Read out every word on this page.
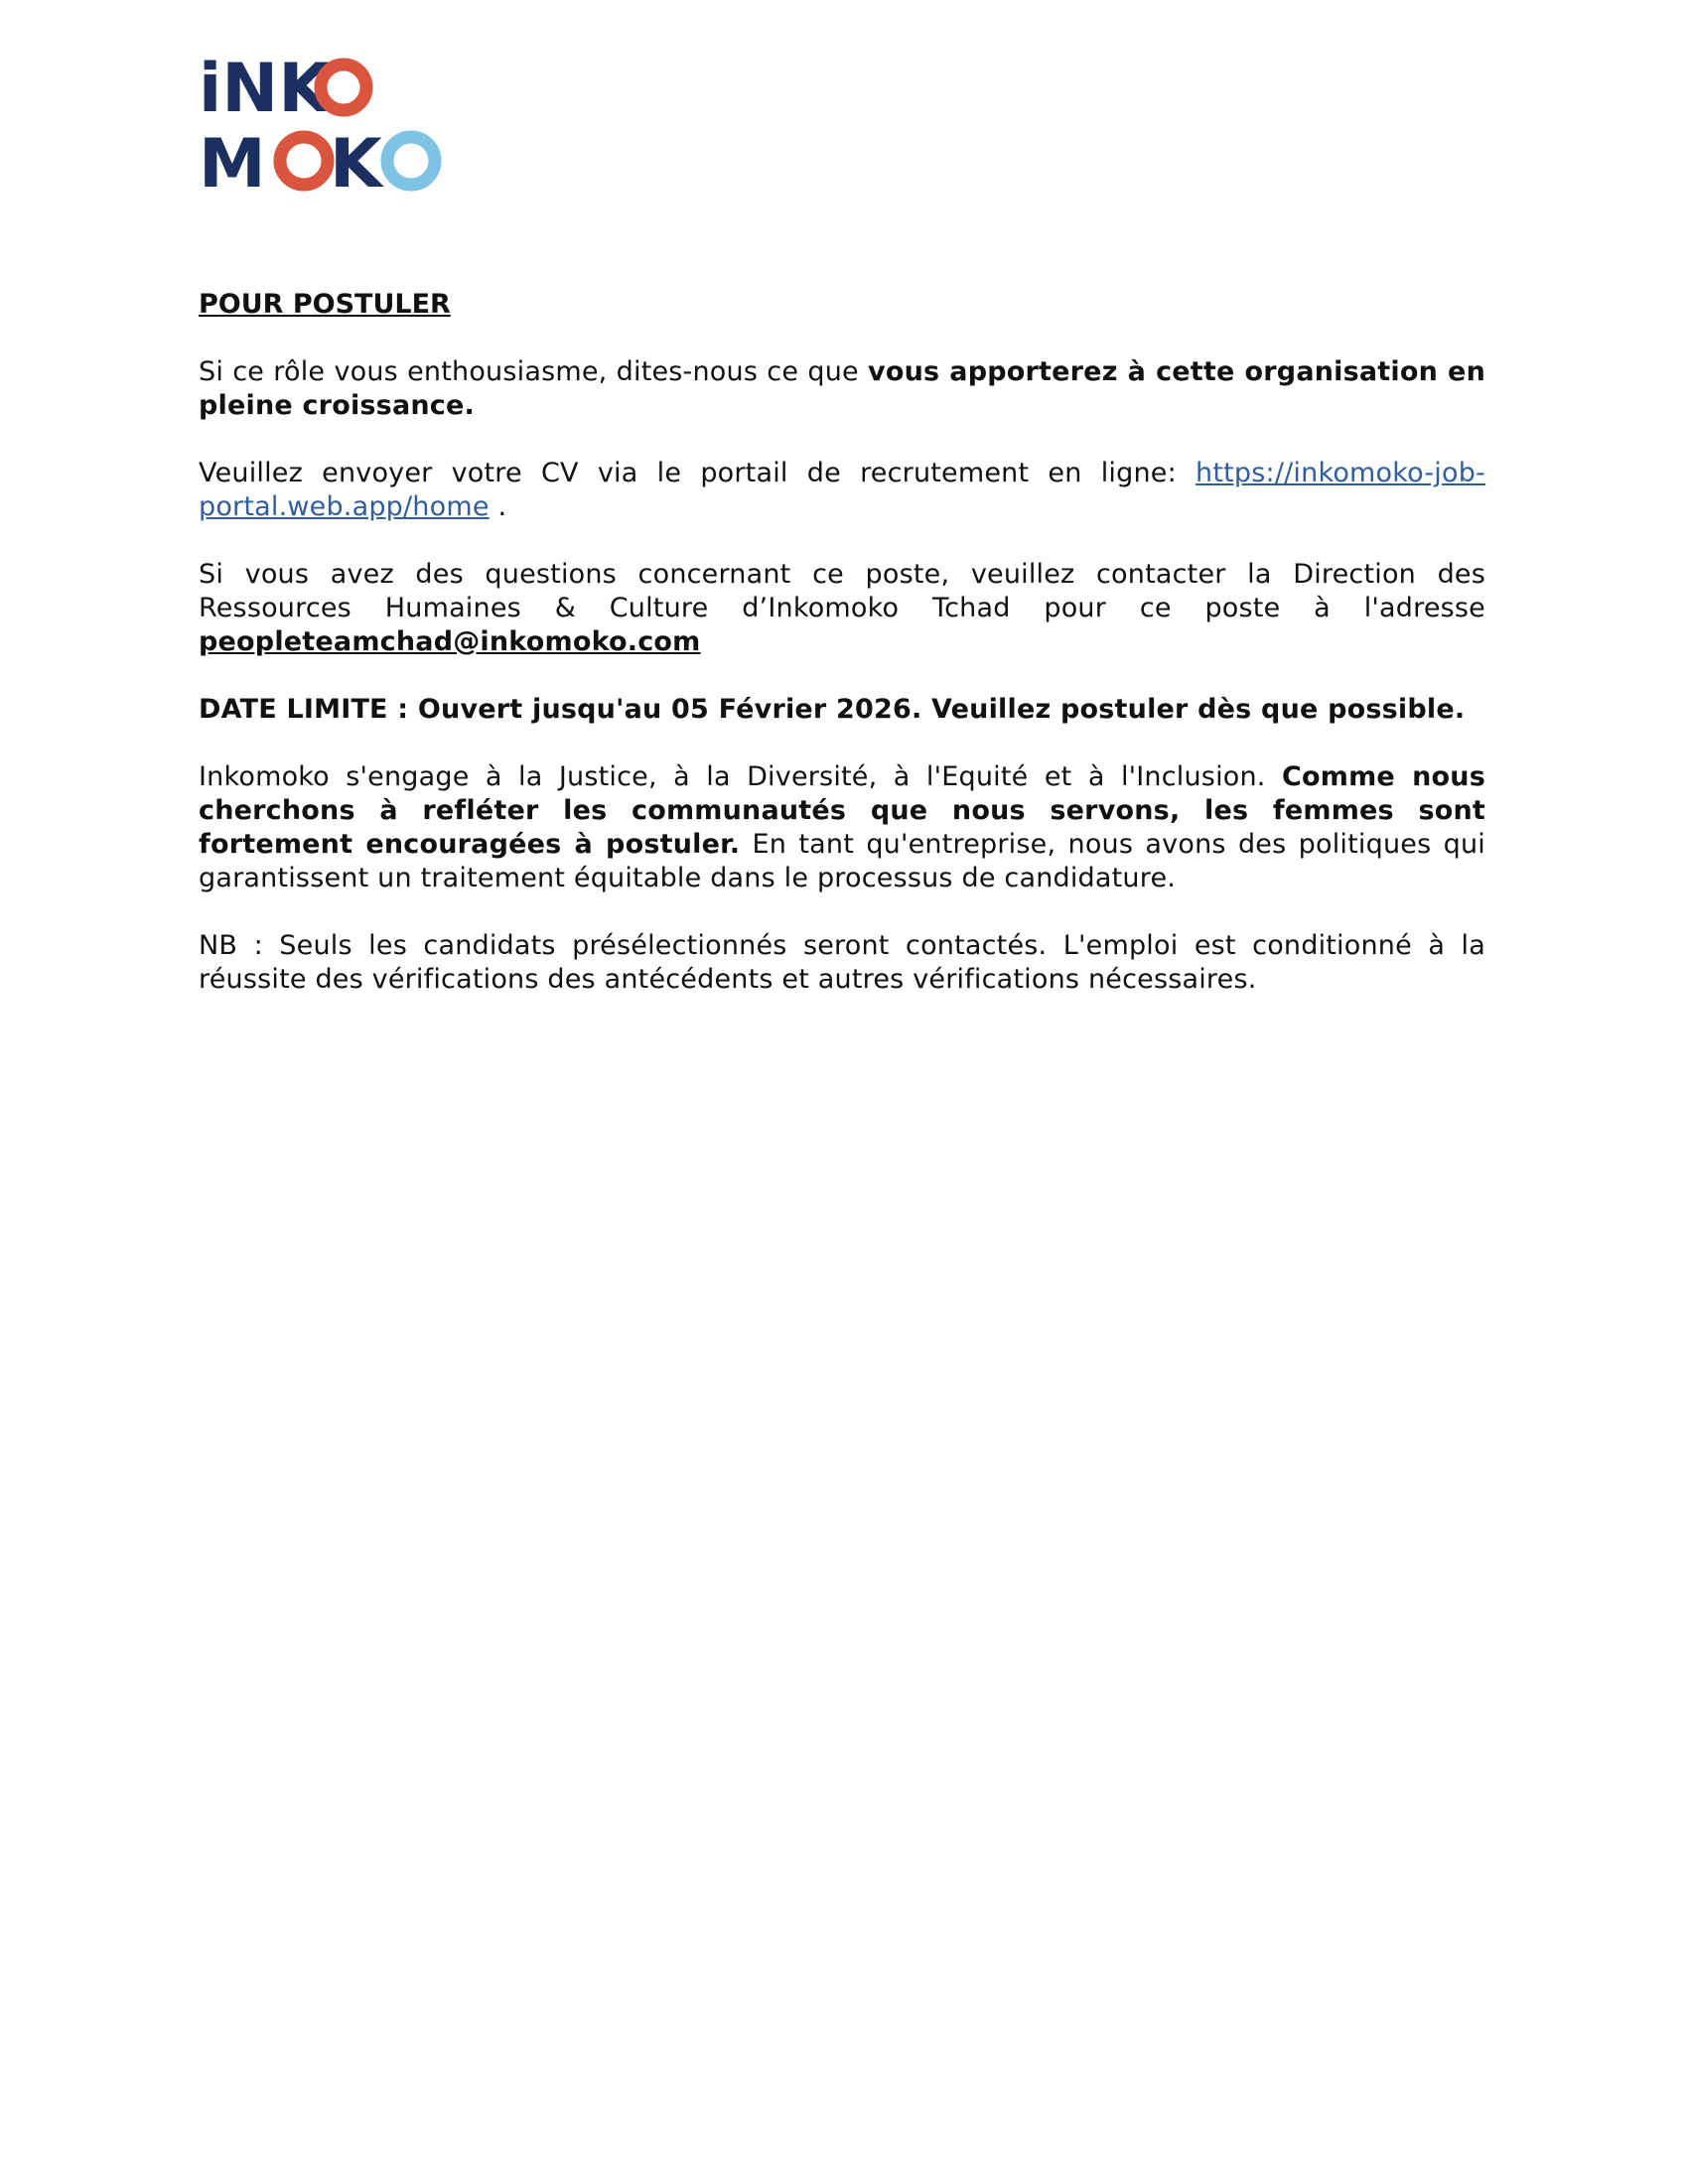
iNK
M K
POUR POSTULER

Si ce rôle vous enthousiasme, dites-nous ce que vous apporterez à cette organisation en pleine croissance.

Veuillez envoyer votre CV via le portail de recrutement en ligne: https://inkomoko-job-portal.web.app/home .

Si vous avez des questions concernant ce poste, veuillez contacter la Direction des Ressources Humaines & Culture d’Inkomoko Tchad pour ce poste à l'adresse peopleteamchad@inkomoko.com

DATE LIMITE : Ouvert jusqu'au 05 Février 2026. Veuillez postuler dès que possible.

Inkomoko s'engage à la Justice, à la Diversité, à l'Equité et à l'Inclusion. Comme nous cherchons à refléter les communautés que nous servons, les femmes sont fortement encouragées à postuler. En tant qu'entreprise, nous avons des politiques qui garantissent un traitement équitable dans le processus de candidature.

NB : Seuls les candidats présélectionnés seront contactés. L'emploi est conditionné à la réussite des vérifications des antécédents et autres vérifications nécessaires.
